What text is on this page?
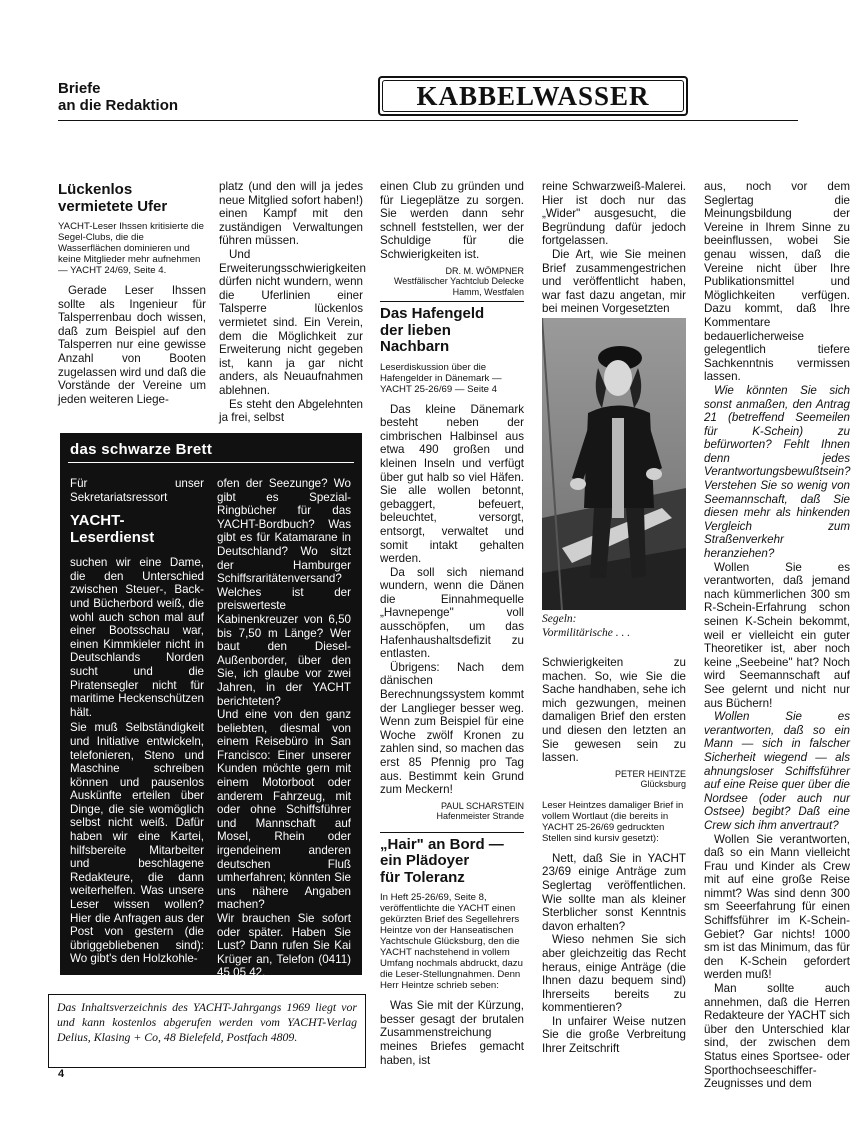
Briefe
an die Redaktion	KABBELWASSER
Lückenlos
vermietete Ufer
YACHT-Leser Ihssen kritisierte die Segel-Clubs, die die Wasserflächen dominieren und keine Mitglieder mehr aufnehmen — YACHT 24/69, Seite 4.

Gerade Leser Ihssen sollte als Ingenieur für Talsperrenbau doch wissen, daß zum Beispiel auf den Talsperren nur eine gewisse Anzahl von Booten zugelassen wird und daß die Vorstände der Vereine um jeden weiteren Liege-

platz (und den will ja jedes neue Mitglied sofort haben!) einen Kampf mit den zuständigen Verwaltungen führen müssen.

Und Erweiterungsschwierigkeiten dürfen nicht wundern, wenn die Uferlinien einer Talsperre lückenlos vermietet sind. Ein Verein, dem die Möglichkeit zur Erweiterung nicht gegeben ist, kann ja gar nicht anders, als Neuaufnahmen ablehnen.

Es steht den Abgelehnten ja frei, selbst

das schwarze Brett

Für unser Sekretariatsressort

YACHT-
Leserdienst

suchen wir eine Dame, die den Unterschied zwischen Steuer-, Back- und Bücherbord weiß, die wohl auch schon mal auf einer Bootsschau war, einen Kimmkieler nicht in Deutschlands Norden sucht und die Piratensegler nicht für maritime Heckenschützen hält.

Sie muß Selbständigkeit und Initiative entwickeln, telefonieren, Steno und Maschine schreiben können und pausenlos Auskünfte erteilen über Dinge, die sie womöglich selbst nicht weiß. Dafür haben wir eine Kartei, hilfsbereite Mitarbeiter und beschlagene Redakteure, die dann weiterhelfen. Was unsere Leser wissen wollen? Hier die Anfragen aus der Post von gestern (die übriggebliebenen sind): Wo gibt's den Holzkohle-

ofen der Seezunge? Wo gibt es Spezial-Ringbücher für das YACHT-Bordbuch? Was gibt es für Katamarane in Deutschland? Wo sitzt der Hamburger Schiffsraritätenversand? Welches ist der preiswerteste Kabinenkreuzer von 6,50 bis 7,50 m Länge? Wer baut den Diesel-Außenborder, über den Sie, ich glaube vor zwei Jahren, in der YACHT berichteten?

Und eine von den ganz beliebten, diesmal von einem Reisebüro in San Francisco: Einer unserer Kunden möchte gern mit einem Motorboot oder anderem Fahrzeug, mit oder ohne Schiffsführer und Mannschaft auf Mosel, Rhein oder irgendeinem anderen deutschen Fluß umherfahren; könnten Sie uns nähere Angaben machen?

Wir brauchen Sie sofort oder später. Haben Sie Lust? Dann rufen Sie Kai Krüger an, Telefon (0411) 45 05 42.

Das Inhaltsverzeichnis des YACHT-Jahrgangs 1969 liegt vor und kann kostenlos abgerufen werden vom YACHT-Verlag Delius, Klasing + Co, 48 Bielefeld, Postfach 4809.

einen Club zu gründen und für Liegeplätze zu sorgen. Sie werden dann sehr schnell feststellen, wer der Schuldige für die Schwierigkeiten ist.

DR. M. WÖMPNER
Westfälischer Yachtclub Delecke
Hamm, Westfalen
Das Hafengeld
der lieben
Nachbarn
Leserdiskussion über die Hafengelder in Dänemark — YACHT 25-26/69 — Seite 4

Das kleine Dänemark besteht neben der cimbrischen Halbinsel aus etwa 490 großen und kleinen Inseln und verfügt über gut halb so viel Häfen. Sie alle wollen betonnt, gebaggert, befeuert, beleuchtet, versorgt, entsorgt, verwaltet und somit intakt gehalten werden.

Da soll sich niemand wundern, wenn die Dänen die Einnahmequelle „Havnepenge" voll ausschöpfen, um das Hafenhaushaltsdefizit zu entlasten.

Übrigens: Nach dem dänischen Berechnungssystem kommt der Langlieger besser weg. Wenn zum Beispiel für eine Woche zwölf Kronen zu zahlen sind, so machen das erst 85 Pfennig pro Tag aus. Bestimmt kein Grund zum Meckern!

PAUL SCHARSTEIN
Hafenmeister Strande
„Hair" an Bord —
ein Plädoyer
für Toleranz
In Heft 25-26/69, Seite 8, veröffentlichte die YACHT einen gekürzten Brief des Segellehrers Heintze von der Hanseatischen Yachtschule Glücksburg, den die YACHT nachstehend in vollem Umfang nochmals abdruckt, dazu die Leser-Stellungnahmen. Denn Herr Heintze schrieb seben:

Was Sie mit der Kürzung, besser gesagt der brutalen Zusammenstreichung meines Briefes gemacht haben, ist

reine Schwarzweiß-Malerei. Hier ist doch nur das „Wider" ausgesucht, die Begründung dafür jedoch fortgelassen.

Die Art, wie Sie meinen Brief zusammengestrichen und veröffentlicht haben, war fast dazu angetan, mir bei meinen Vorgesetzten

Segeln:
Vormilitärische . . .

Schwierigkeiten zu machen. So, wie Sie die Sache handhaben, sehe ich mich gezwungen, meinen damaligen Brief den ersten und diesen den letzten an Sie gewesen sein zu lassen.

PETER HEINTZE
Glücksburg
Leser Heintzes damaliger Brief in vollem Wortlaut (die bereits in YACHT 25-26/69 gedruckten Stellen sind kursiv gesetzt):

Nett, daß Sie in YACHT 23/69 einige Anträge zum Seglertag veröffentlichen. Wie sollte man als kleiner Sterblicher sonst Kenntnis davon erhalten?

Wieso nehmen Sie sich aber gleichzeitig das Recht heraus, einige Anträge (die Ihnen dazu bequem sind) Ihrerseits bereits zu kommentieren?

In unfairer Weise nutzen Sie die große Verbreitung Ihrer Zeitschrift

aus, noch vor dem Seglertag die Meinungsbildung der Vereine in Ihrem Sinne zu beeinflussen, wobei Sie genau wissen, daß die Vereine nicht über Ihre Publikationsmittel und Möglichkeiten verfügen. Dazu kommt, daß Ihre Kommentare bedauerlicherweise gelegentlich tiefere Sachkenntnis vermissen lassen.

Wie könnten Sie sich sonst anmaßen, den Antrag 21 (betreffend Seemeilen für K-Schein) zu befürworten? Fehlt Ihnen denn jedes Verantwortungsbewußtsein? Verstehen Sie so wenig von Seemannschaft, daß Sie diesen mehr als hinkenden Vergleich zum Straßenverkehr heranziehen?

Wollen Sie es verantworten, daß jemand nach kümmerlichen 300 sm R-Schein-Erfahrung schon seinen K-Schein bekommt, weil er vielleicht ein guter Theoretiker ist, aber noch keine „Seebeine" hat? Noch wird Seemannschaft auf See gelernt und nicht nur aus Büchern!

Wollen Sie es verantworten, daß so ein Mann — sich in falscher Sicherheit wiegend — als ahnungsloser Schiffsführer auf eine Reise quer über die Nordsee (oder auch nur Ostsee) begibt? Daß eine Crew sich ihm anvertraut?

Wollen Sie verantworten, daß so ein Mann vielleicht Frau und Kinder als Crew mit auf eine große Reise nimmt? Was sind denn 300 sm Seeerfahrung für einen Schiffsführer im K-Schein-Gebiet? Gar nichts! 1000 sm ist das Minimum, das für den K-Schein gefordert werden muß!

Man sollte auch annehmen, daß die Herren Redakteure der YACHT sich über den Unterschied klar sind, der zwischen dem Status eines Sportsee- oder Sporthochseeschiffer-Zeugnisses und dem

4
